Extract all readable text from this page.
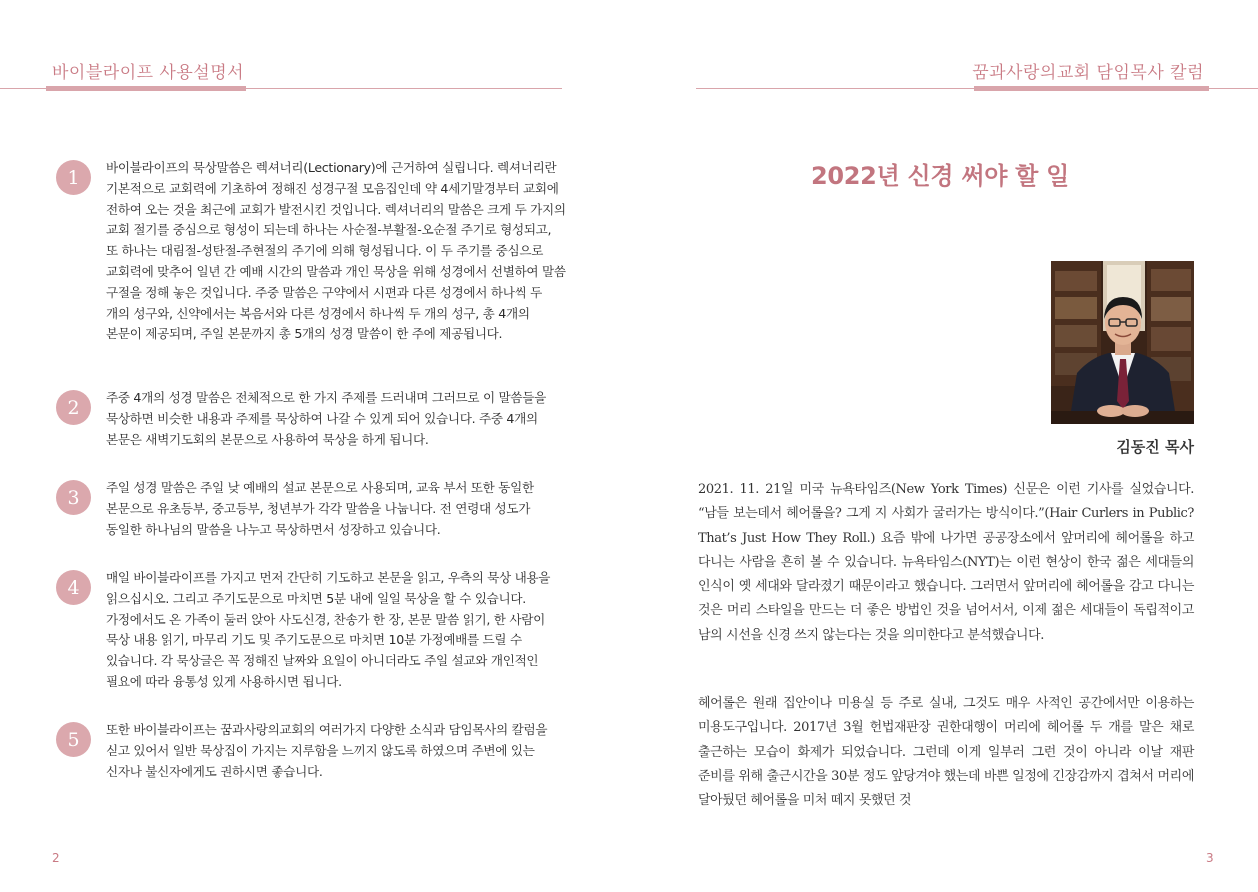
바이블라이프 사용설명서
1	바이블라이프의 묵상말씀은 렉셔너리(Lectionary)에 근거하여 실립니다. 렉셔너리란 기본적으로 교회력에 기초하여 정해진 성경구절 모음집인데 약 4세기말경부터 교회에 전하여 오는 것을 최근에 교회가 발전시킨 것입니다. 렉셔너리의 말씀은 크게 두 가지의 교회 절기를 중심으로 형성이 되는데 하나는 사순절-부활절-오순절 주기로 형성되고, 또 하나는 대림절-성탄절-주현절의 주기에 의해 형성됩니다. 이 두 주기를 중심으로 교회력에 맞추어 일년 간 예배 시간의 말씀과 개인 묵상을 위해 성경에서 선별하여 말씀 구절을 정해 놓은 것입니다. 주중 말씀은 구약에서 시편과 다른 성경에서 하나씩 두 개의 성구와, 신약에서는 복음서와 다른 성경에서 하나씩 두 개의 성구, 총 4개의 본문이 제공되며, 주일 본문까지 총 5개의 성경 말씀이 한 주에 제공됩니다.
2	주중 4개의 성경 말씀은 전체적으로 한 가지 주제를 드러내며 그러므로 이 말씀들을 묵상하면 비슷한 내용과 주제를 묵상하여 나갈 수 있게 되어 있습니다. 주중 4개의 본문은 새벽기도회의 본문으로 사용하여 묵상을 하게 됩니다.
3	주일 성경 말씀은 주일 낮 예배의 설교 본문으로 사용되며, 교육 부서 또한 동일한 본문으로 유초등부, 중고등부, 청년부가 각각 말씀을 나눕니다. 전 연령대 성도가 동일한 하나님의 말씀을 나누고 묵상하면서 성장하고 있습니다.
4	매일 바이블라이프를 가지고 먼저 간단히 기도하고 본문을 읽고, 우측의 묵상 내용을 읽으십시오. 그리고 주기도문으로 마치면 5분 내에 일일 묵상을 할 수 있습니다. 가정에서도 온 가족이 둘러 앉아 사도신경, 찬송가 한 장, 본문 말씀 읽기, 한 사람이 묵상 내용 읽기, 마무리 기도 및 주기도문으로 마치면 10분 가정예배를 드릴 수 있습니다. 각 묵상글은 꼭 정해진 날짜와 요일이 아니더라도 주일 설교와 개인적인 필요에 따라 융통성 있게 사용하시면 됩니다.
5	또한 바이블라이프는 꿈과사랑의교회의 여러가지 다양한 소식과 담임목사의 칼럼을 싣고 있어서 일반 묵상집이 가지는 지루함을 느끼지 않도록 하였으며 주변에 있는 신자나 불신자에게도 권하시면 좋습니다.
2
꿈과사랑의교회 담임목사 칼럼
2022년 신경 써야 할 일
김동진 목사

2021. 11. 21일 미국 뉴욕타임즈(New York Times) 신문은 이런 기사를 실었습니다. “남들 보는데서 헤어롤을? 그게 지 사회가 굴러가는 방식이다.”(Hair Curlers in Public? That’s Just How They Roll.) 요즘 밖에 나가면 공공장소에서 앞머리에 헤어롤을 하고 다니는 사람을 흔히 볼 수 있습니다. 뉴욕타임스(NYT)는 이런 현상이 한국 젊은 세대들의 인식이 옛 세대와 달라졌기 때문이라고 했습니다. 그러면서 앞머리에 헤어롤을 감고 다니는 것은 머리 스타일을 만드는 더 좋은 방법인 것을 넘어서서, 이제 젊은 세대들이 독립적이고 남의 시선을 신경 쓰지 않는다는 것을 의미한다고 분석했습니다.

헤어롤은 원래 집안이나 미용실 등 주로 실내, 그것도 매우 사적인 공간에서만 이용하는 미용도구입니다. 2017년 3월 헌법재판장 권한대행이 머리에 헤어롤 두 개를 말은 채로 출근하는 모습이 화제가 되었습니다. 그런데 이게 일부러 그런 것이 아니라 이날 재판 준비를 위해 출근시간을 30분 정도 앞당겨야 했는데 바쁜 일정에 긴장감까지 겹쳐서 머리에 달아뒀던 헤어롤을 미처 떼지 못했던 것

3
